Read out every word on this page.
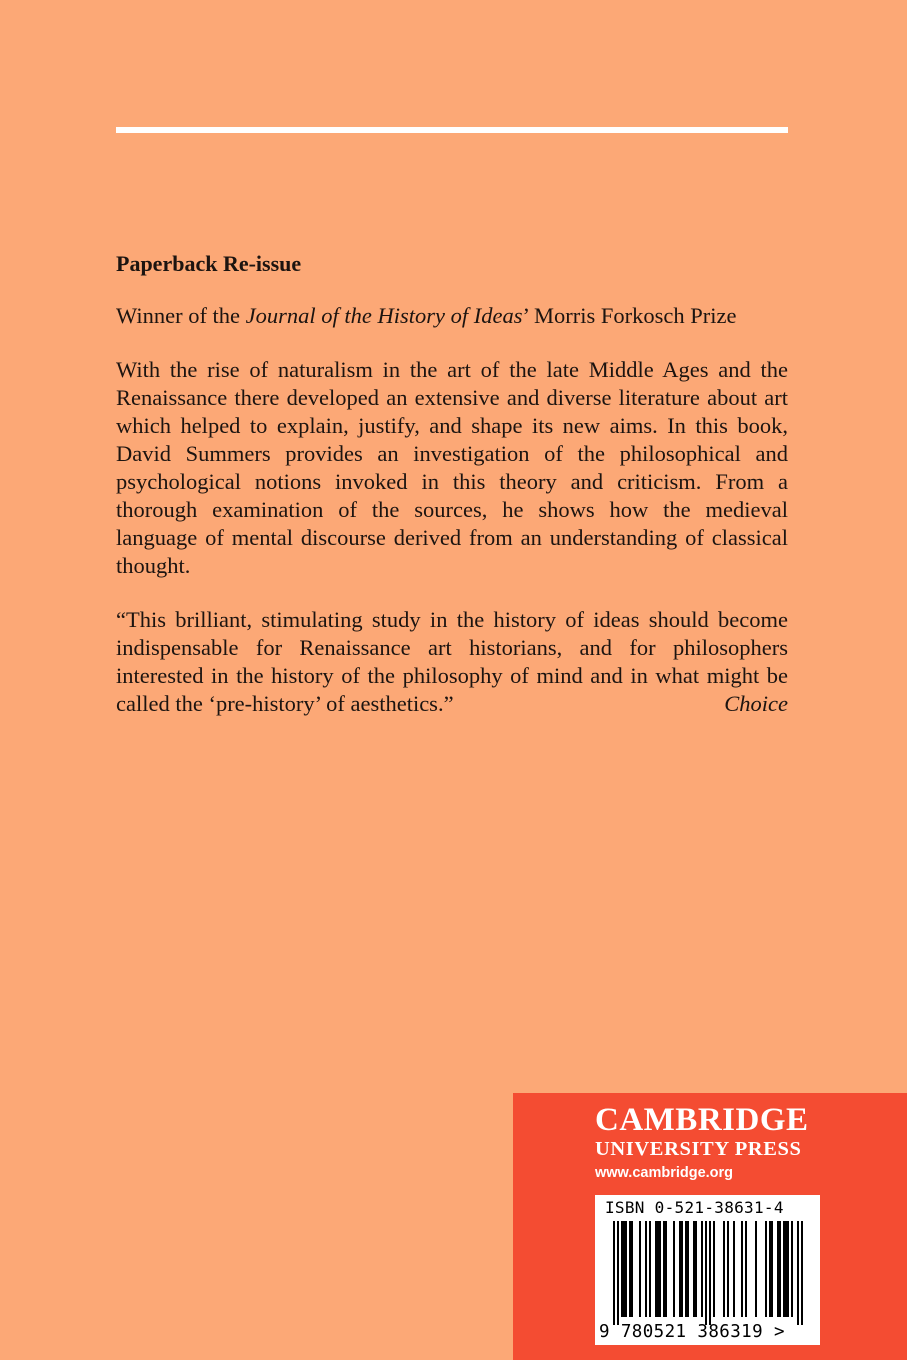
Paperback Re-issue

Winner of the Journal of the History of Ideas’ Morris Forkosch Prize

With the rise of naturalism in the art of the late Middle Ages and the Renaissance there developed an extensive and diverse literature about art which helped to explain, justify, and shape its new aims. In this book, David Summers provides an investigation of the philosophical and psychological notions invoked in this theory and criticism. From a thorough examination of the sources, he shows how the medieval language of mental discourse derived from an understanding of classical thought.

“This brilliant, stimulating study in the history of ideas should become indispensable for Renaissance art historians, and for philosophers interested in the history of the philosophy of mind and in what might be called the ‘pre-history’ of aesthetics.”	Choice

CAMBRIDGE
UNIVERSITY PRESS
www.cambridge.org
ISBN 0-521-38631-4
9 780521 386319 >
